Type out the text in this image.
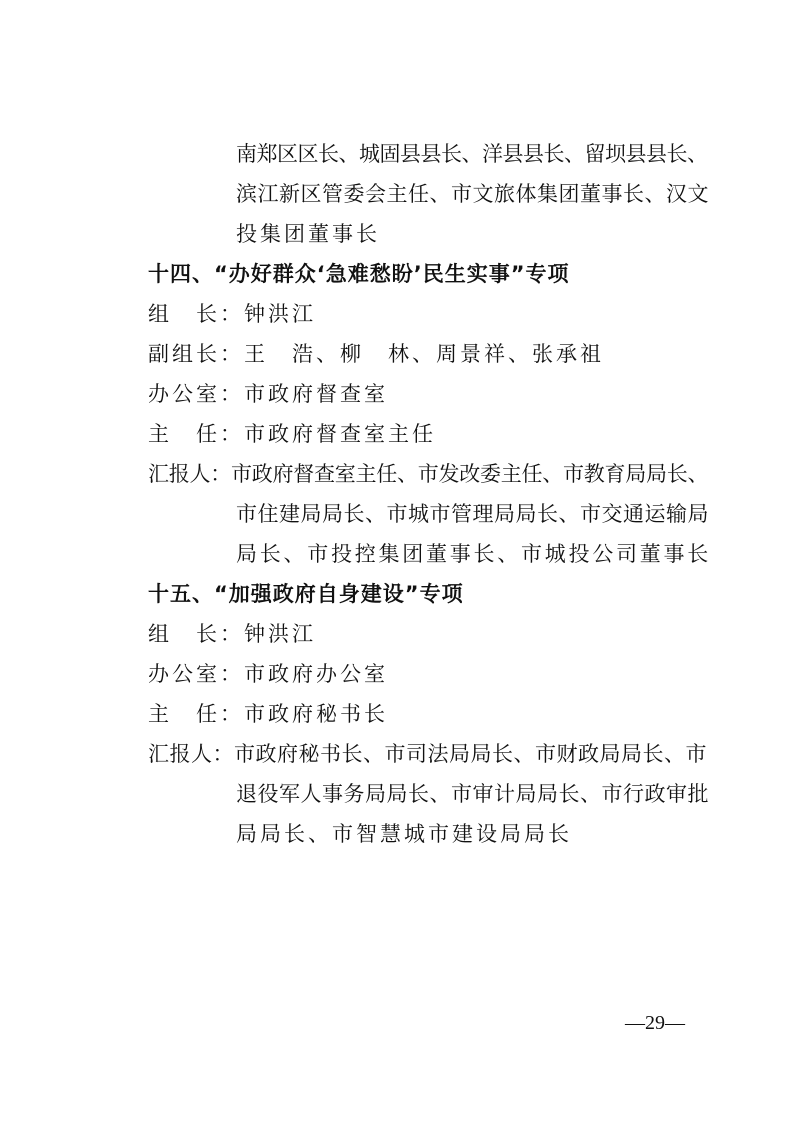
南郑区区长、城固县县长、洋县县长、留坝县县长、
滨江新区管委会主任、市文旅体集团董事长、汉文
投集团董事长
十四、“办好群众‘急难愁盼’民生实事”专项
组　长：钟洪江
副组长：王　浩、柳　林、周景祥、张承祖
办公室：市政府督查室
主　任：市政府督查室主任
汇报人：市政府督查室主任、市发改委主任、市教育局局长、
市住建局局长、市城市管理局局长、市交通运输局
局长、市投控集团董事长、市城投公司董事长
十五、“加强政府自身建设”专项
组　长：钟洪江
办公室：市政府办公室
主　任：市政府秘书长
汇报人：市政府秘书长、市司法局局长、市财政局局长、市
退役军人事务局局长、市审计局局长、市行政审批
局局长、市智慧城市建设局局长
—29—
